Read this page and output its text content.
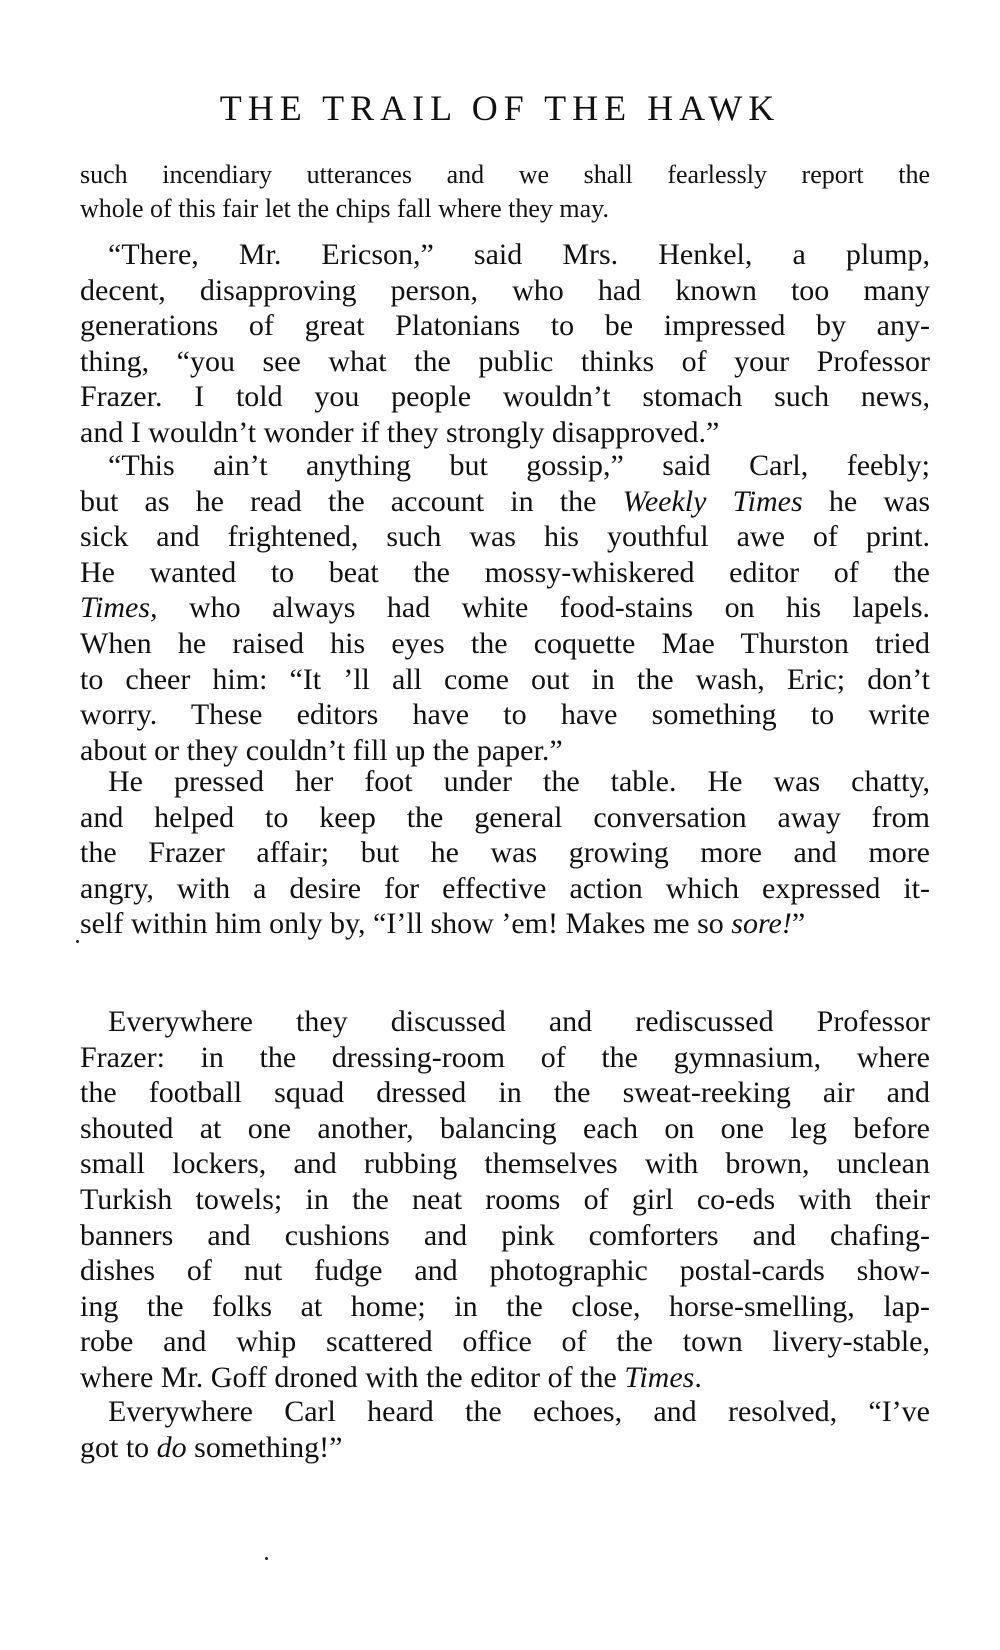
THE TRAIL OF THE HAWK
such incendiary utterances and we shall fearlessly report the
whole of this fair let the chips fall where they may.
“There, Mr. Ericson,” said Mrs. Henkel, a plump,
decent, disapproving person, who had known too many
generations of great Platonians to be impressed by any-
thing, “you see what the public thinks of your Professor
Frazer. I told you people wouldn’t stomach such news,
and I wouldn’t wonder if they strongly disapproved.”
“This ain’t anything but gossip,” said Carl, feebly;
but as he read the account in the Weekly Times he was
sick and frightened, such was his youthful awe of print.
He wanted to beat the mossy-whiskered editor of the
Times, who always had white food-stains on his lapels.
When he raised his eyes the coquette Mae Thurston tried
to cheer him: “It ’ll all come out in the wash, Eric; don’t
worry. These editors have to have something to write
about or they couldn’t fill up the paper.”
He pressed her foot under the table. He was chatty,
and helped to keep the general conversation away from
the Frazer affair; but he was growing more and more
angry, with a desire for effective action which expressed it-
self within him only by, “I’ll show ’em! Makes me so sore!”
Everywhere they discussed and rediscussed Professor
Frazer: in the dressing-room of the gymnasium, where
the football squad dressed in the sweat-reeking air and
shouted at one another, balancing each on one leg before
small lockers, and rubbing themselves with brown, unclean
Turkish towels; in the neat rooms of girl co-eds with their
banners and cushions and pink comforters and chafing-
dishes of nut fudge and photographic postal-cards show-
ing the folks at home; in the close, horse-smelling, lap-
robe and whip scattered office of the town livery-stable,
where Mr. Goff droned with the editor of the Times.
Everywhere Carl heard the echoes, and resolved, “I’ve
got to do something!”
